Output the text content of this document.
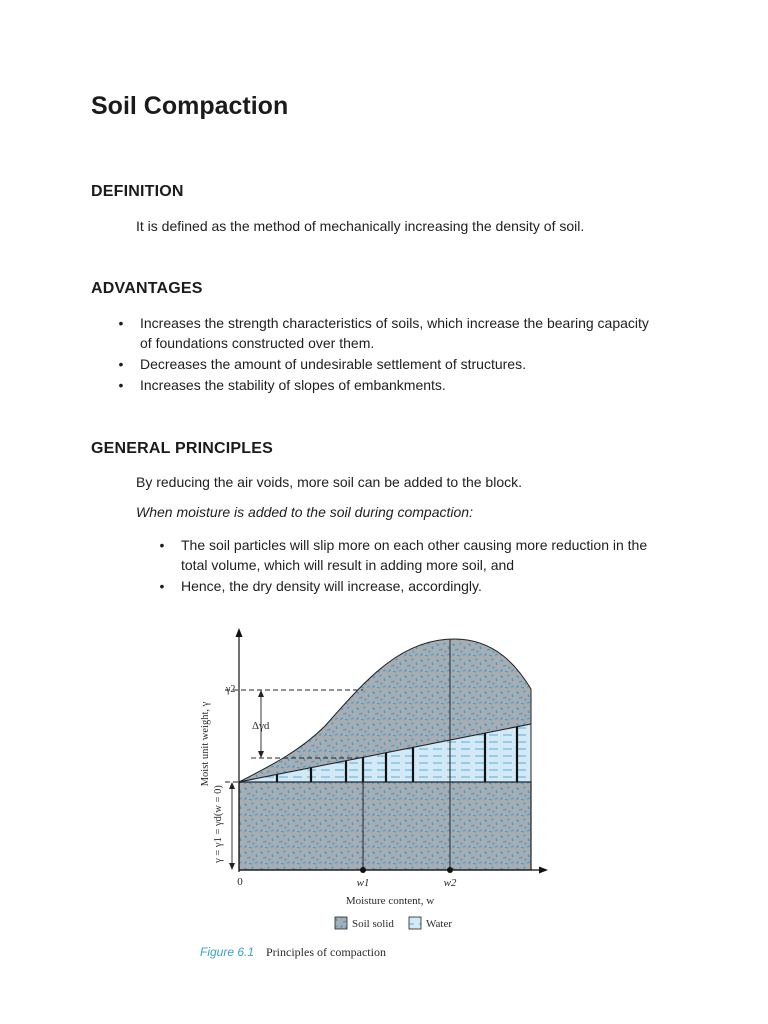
Soil Compaction
DEFINITION

It is defined as the method of mechanically increasing the density of soil.

ADVANTAGES
• Increases the strength characteristics of soils, which increase the bearing capacity of foundations constructed over them.
• Decreases the amount of undesirable settlement of structures.
• Increases the stability of slopes of embankments.
GENERAL PRINCIPLES

By reducing the air voids, more soil can be added to the block.

When moisture is added to the soil during compaction:

• The soil particles will slip more on each other causing more reduction in the total volume, which will result in adding more soil, and
• Hence, the dry density will increase, accordingly.
Δγd
γ2
Moist unit weight, γ
γ = γ1 = γd(w = 0)
0	w1	w2
Moisture content, w
Soil solid	Water
Figure 6.1 Principles of compaction
